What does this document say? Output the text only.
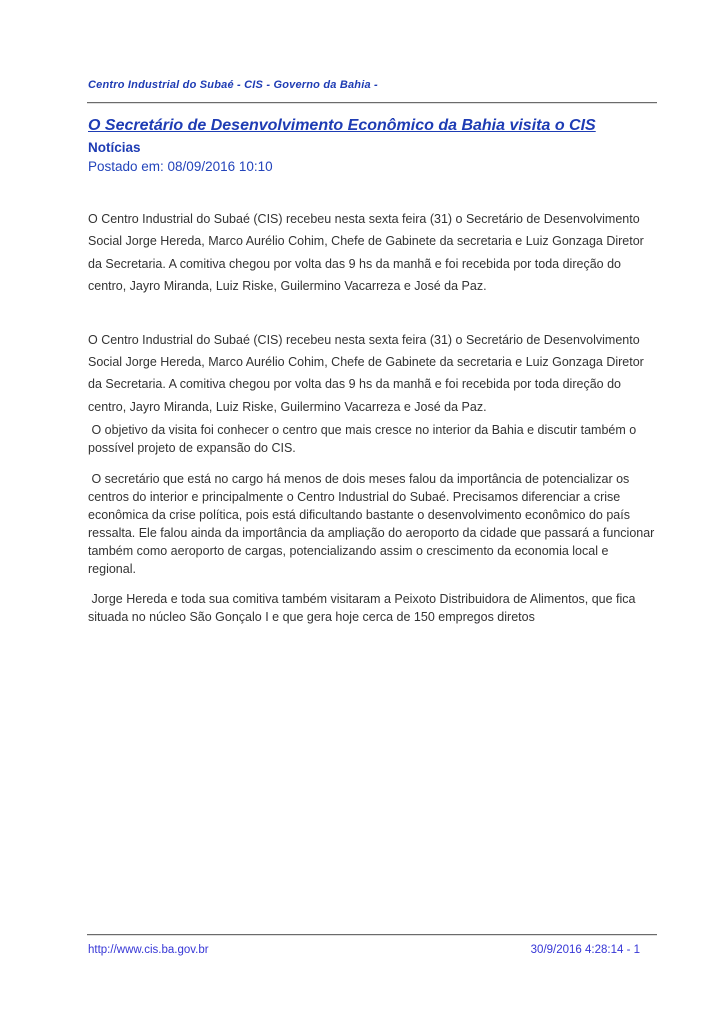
Centro Industrial do Subaé - CIS - Governo da Bahia -
O Secretário de Desenvolvimento Econômico da Bahia visita o CIS
Notícias
Postado em: 08/09/2016 10:10

O Centro Industrial do Subaé (CIS) recebeu nesta sexta feira (31) o Secretário de Desenvolvimento Social Jorge Hereda, Marco Aurélio Cohim, Chefe de Gabinete da secretaria e Luiz Gonzaga Diretor da Secretaria. A comitiva chegou por volta das 9 hs da manhã e foi recebida por toda direção do centro, Jayro Miranda, Luiz Riske, Guilermino Vacarreza e José da Paz.

O Centro Industrial do Subaé (CIS) recebeu nesta sexta feira (31) o Secretário de Desenvolvimento Social Jorge Hereda, Marco Aurélio Cohim, Chefe de Gabinete da secretaria e Luiz Gonzaga Diretor da Secretaria. A comitiva chegou por volta das 9 hs da manhã e foi recebida por toda direção do centro, Jayro Miranda, Luiz Riske, Guilermino Vacarreza e José da Paz.

O objetivo da visita foi conhecer o centro que mais cresce no interior da Bahia e discutir também o possível projeto de expansão do CIS.

O secretário que está no cargo há menos de dois meses falou da importância de potencializar os centros do interior e principalmente o Centro Industrial do Subaé. Precisamos diferenciar a crise econômica da crise política, pois está dificultando bastante o desenvolvimento econômico do país ressalta. Ele falou ainda da importância da ampliação do aeroporto da cidade que passará a funcionar também como aeroporto de cargas, potencializando assim o crescimento da economia local e regional.

Jorge Hereda e toda sua comitiva também visitaram a Peixoto Distribuidora de Alimentos, que fica situada no núcleo São Gonçalo I e que gera hoje cerca de 150 empregos diretos

http://www.cis.ba.gov.br	30/9/2016 4:28:14 - 1
